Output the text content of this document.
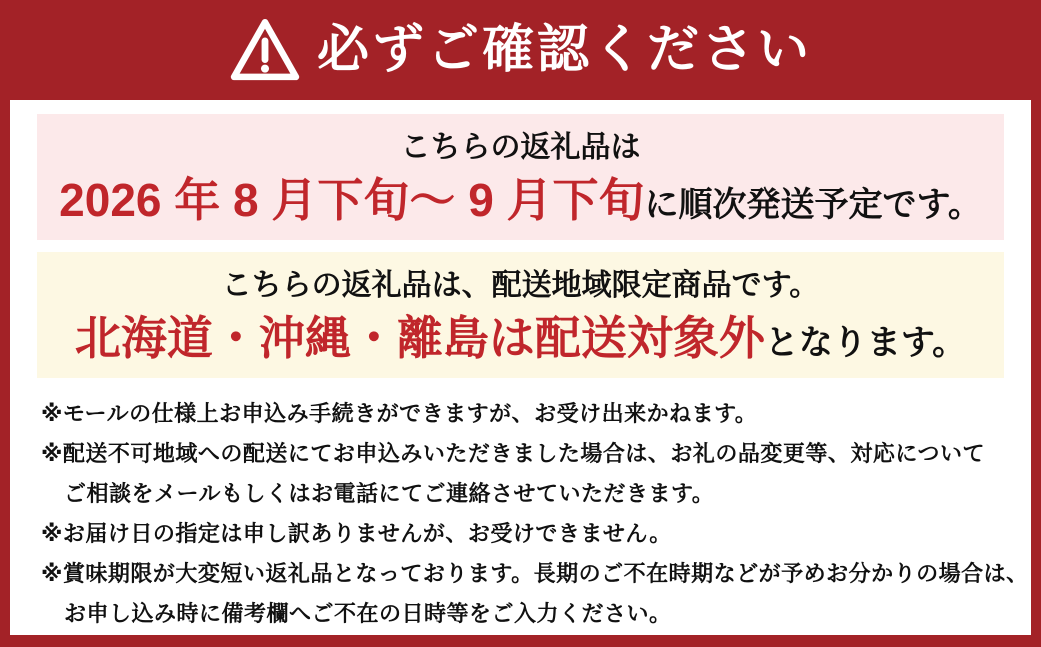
必ずご確認ください
こちらの返礼品は
2026 年 8 月下旬～ 9 月下旬に順次発送予定です。
こちらの返礼品は、配送地域限定商品です。
北海道・沖縄・離島は配送対象外となります。
※モールの仕様上お申込み手続きができますが、お受け出来かねます。
※配送不可地域への配送にてお申込みいただきました場合は、お礼の品変更等、対応について
ご相談をメールもしくはお電話にてご連絡させていただきます。
※お届け日の指定は申し訳ありませんが、お受けできません。
※賞味期限が大変短い返礼品となっております。長期のご不在時期などが予めお分かりの場合は、
お申し込み時に備考欄へご不在の日時等をご入力ください。
